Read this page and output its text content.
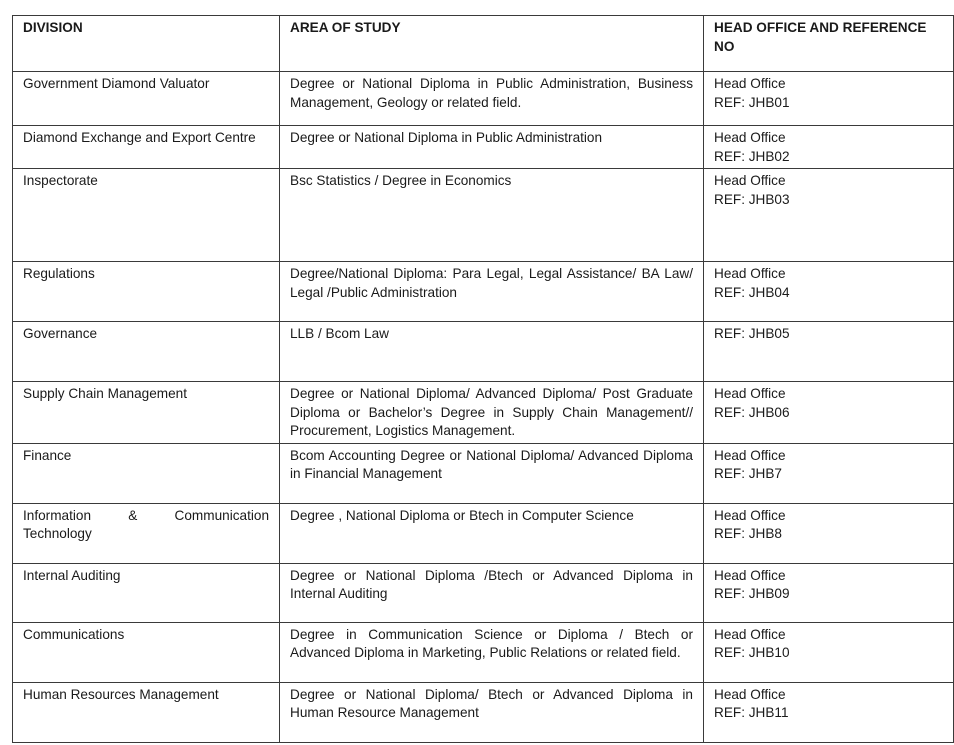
DIVISION	AREA OF STUDY	HEAD OFFICE AND REFERENCE NO
Government Diamond Valuator	Degree or National Diploma in Public Administration, Business Management, Geology or related field.	Head Office
REF: JHB01

Diamond Exchange and Export Centre	Degree or National Diploma in Public Administration	Head Office
REF: JHB02

Inspectorate	Bsc Statistics / Degree in Economics	Head Office
REF: JHB03

Regulations	Degree/National Diploma: Para Legal, Legal Assistance/ BA Law/ Legal /Public Administration	Head Office
REF: JHB04

Governance	LLB / Bcom Law	REF: JHB05

Supply Chain Management	Degree or National Diploma/ Advanced Diploma/ Post Graduate Diploma or Bachelor’s Degree in Supply Chain Management// Procurement, Logistics Management.	Head Office
REF: JHB06

Finance	Bcom Accounting Degree or National Diploma/ Advanced Diploma in Financial Management	Head Office
REF: JHB7

Information & Communication Technology	Degree , National Diploma or Btech in Computer Science	Head Office
REF: JHB8

Internal Auditing	Degree or National Diploma /Btech or Advanced Diploma in Internal Auditing	Head Office
REF: JHB09

Communications	Degree in Communication Science or Diploma / Btech or Advanced Diploma in Marketing, Public Relations or related field.	Head Office
REF: JHB10

Human Resources Management	Degree or National Diploma/ Btech or Advanced Diploma in Human Resource Management	Head Office
REF: JHB11
